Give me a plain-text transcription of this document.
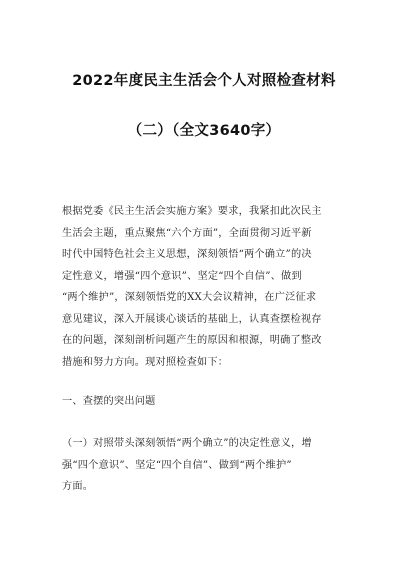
2022年度民主生活会个人对照检查材料
（二）（全文3640字）
根据党委《民主生活会实施方案》要求，我紧扣此次民主
生活会主题，重点聚焦“六个方面”，全面贯彻习近平新
时代中国特色社会主义思想，深刻领悟“两个确立”的决
定性意义，增强“四个意识”、坚定“四个自信”、做到
“两个维护”，深刻领悟党的XX大会议精神，在广泛征求
意见建议，深入开展谈心谈话的基础上，认真查摆检视存
在的问题，深刻剖析问题产生的原因和根源，明确了整改
措施和努力方向。现对照检查如下：
一、查摆的突出问题
（一）对照带头深刻领悟“两个确立”的决定性意义，增
强“四个意识”、坚定“四个自信”、做到“两个维护”
方面。
